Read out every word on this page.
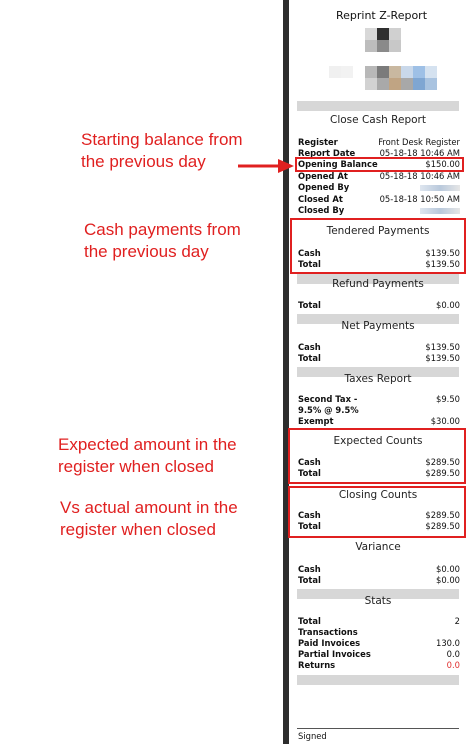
Reprint Z-Report
Close Cash Report
Register	Front Desk Register
Report Date	05-18-18 10:46 AM
Opening Balance	$150.00
Opened At	05-18-18 10:46 AM
Opened By
Closed At	05-18-18 10:50 AM
Closed By
Tendered Payments
Cash	$139.50
Total	$139.50
Refund Payments
Total	$0.00
Net Payments
Cash	$139.50
Total	$139.50
Taxes Report
Second Tax -	$9.50
9.5% @ 9.5%
Exempt	$30.00
Expected Counts
Cash	$289.50
Total	$289.50
Closing Counts
Cash	$289.50
Total	$289.50
Variance
Cash	$0.00
Total	$0.00
Stats
Total	2
Transactions
Paid Invoices	130.0
Partial Invoices	0.0
Returns	0.0
Signed
Starting balance from
the previous day
Cash payments from
the previous day
Expected amount in the
register when closed
Vs actual amount in the
register when closed
